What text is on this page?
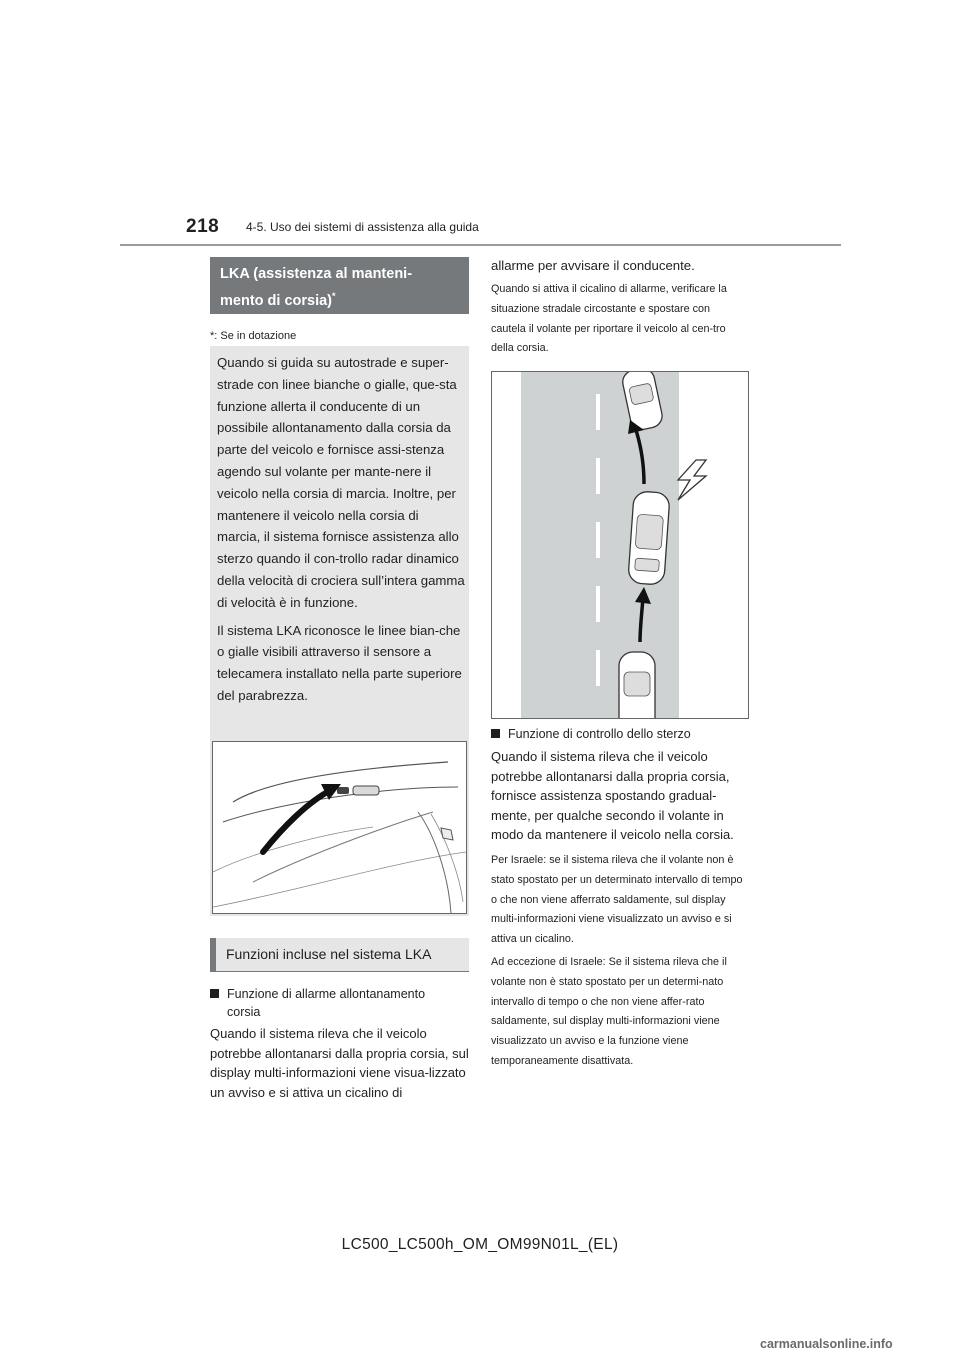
218 4-5. Uso dei sistemi di assistenza alla guida
LKA (assistenza al manteni-
mento di corsia)*
*: Se in dotazione

Quando si guida su autostrade e super-strade con linee bianche o gialle, que-sta funzione allerta il conducente di un possibile allontanamento dalla corsia da parte del veicolo e fornisce assi-stenza agendo sul volante per mante-nere il veicolo nella corsia di marcia. Inoltre, per mantenere il veicolo nella corsia di marcia, il sistema fornisce assistenza allo sterzo quando il con-trollo radar dinamico della velocità di crociera sull’intera gamma di velocità è in funzione.

Il sistema LKA riconosce le linee bian-che o gialle visibili attraverso il sensore a telecamera installato nella parte superiore del parabrezza.

Funzioni incluse nel sistema LKA
Funzione di allarme allontanamento
corsia
Quando il sistema rileva che il veicolo potrebbe allontanarsi dalla propria corsia, sul display multi-informazioni viene visua-lizzato un avviso e si attiva un cicalino di
allarme per avvisare il conducente.
Quando si attiva il cicalino di allarme, verificare la situazione stradale circostante e spostare con cautela il volante per riportare il veicolo al cen-tro della corsia.
Funzione di controllo dello sterzo
Quando il sistema rileva che il veicolo potrebbe allontanarsi dalla propria corsia, fornisce assistenza spostando gradual-mente, per qualche secondo il volante in modo da mantenere il veicolo nella corsia.
Per Israele: se il sistema rileva che il volante non è stato spostato per un determinato intervallo di tempo o che non viene afferrato saldamente, sul display multi-informazioni viene visualizzato un avviso e si attiva un cicalino.
Ad eccezione di Israele: Se il sistema rileva che il volante non è stato spostato per un determi-nato intervallo di tempo o che non viene affer-rato saldamente, sul display multi-informazioni viene visualizzato un avviso e la funzione viene temporaneamente disattivata.
LC500_LC500h_OM_OM99N01L_(EL)
carmanualsonline.info
